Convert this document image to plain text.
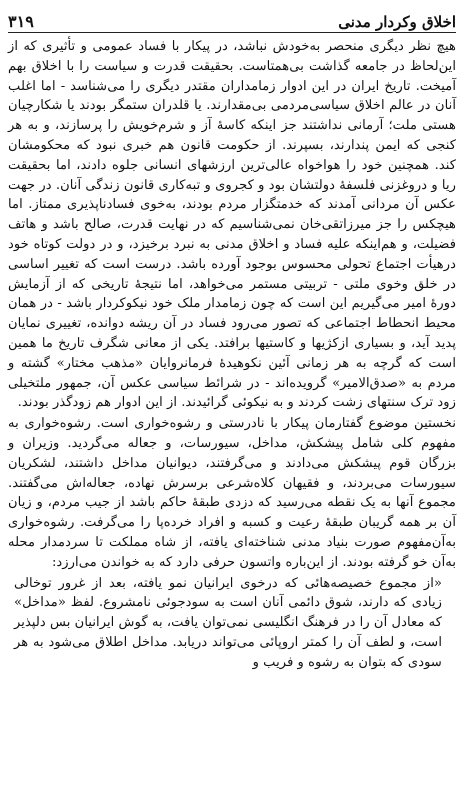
۳۱۹	اخلاق وکردار مدنی

هیچ نظر دیگری منحصر به‌خودش نباشد، در پیکار با فساد عمومی و تأثیری که از این‌لحاظ در جامعه گذاشت بی‌همتاست. بحقیقت قدرت و سیاست را با اخلاق بهم آمیخت. تاریخ ایران در این ادوار زمامداران مقتدر دیگری را می‌شناسد - اما اغلب آنان در عالم اخلاق سیاسی‌مردمی بی‌مقدارند. یا قلدران ستمگر بودند یا شکارچیان هستی ملت؛ آرمانی نداشتند جز اینکه کاسهٔ آز و شرم‌خویش را پرسازند، و به هر کنجی که ایمن پندارند، بسپرند. از حکومت قانون هم خبری نبود که محکومشان کند. همچنین خود را هواخواه عالی‌ترین ارزشهای انسانی جلوه دادند، اما بحقیقت ریا و دروغزنی فلسفهٔ دولتشان بود و کجروی و تبه‌کاری قانون زندگی آنان. در جهت عکس آن مردانی آمدند که خدمتگزار مردم بودند، به‌خوی فسادناپذیری ممتاز. اما هیچکس را جز میرزاتقی‌خان نمی‌شناسیم که در نهایت قدرت، صالح باشد و هاتف فضیلت، و هم‌اینکه علیه فساد و اخلاق مدنی به نبرد برخیزد، و در دولت کوتاه خود درهیأت اجتماع تحولی محسوس بوجود آورده باشد. درست است که تغییر اساسی در خلق وخوی ملتی - تربیتی مستمر می‌خواهد، اما نتیجهٔ تاریخی که از آزمایش دورهٔ امیر می‌گیریم این است که چون زمامدار ملک خود نیکوکردار باشد - در همان محیط انحطاط اجتماعی که تصور می‌رود فساد در آن ریشه دوانده، تغییری نمایان پدید آید، و بسیاری ازکژیها و کاستیها برافتد. یکی از معانی شگرف تاریخ ما همین است که گرچه به هر زمانی آئین نکوهیدهٔ فرمانروایان «مذهب مختار» گشته و مردم به «صدق‌الامیر» گرویده‌اند - در شرائط سیاسی عکس آن، جمهور ملتخیلی زود ترک سنتهای زشت کردند و به نیکوئی گرائیدند. از این ادوار هم زودگذر بودند.

نخستین موضوع گفتارمان پیکار با نادرستی و رشوه‌خواری است. رشوه‌خواری به مفهوم کلی شامل پیشکش، مداخل، سیورسات، و جعاله می‌گردید. وزیران و بزرگان قوم پیشکش می‌دادند و می‌گرفتند، دیوانیان مداخل داشتند، لشکریان سیورسات می‌بردند، و فقیهان کلاه‌شرعی برسرش نهاده، جعاله‌اش می‌گفتند. مجموع آنها به یک نقطه می‌رسید که دزدی طبقهٔ حاکم باشد از جیب مردم، و زیان آن بر همه گریبان طبقهٔ رعیت و کسبه و افراد خرده‌پا را می‌گرفت. رشوه‌خواری به‌آن‌مفهوم صورت بنیاد مدنی شناخته‌ای یافته، از شاه مملکت تا سردمدار محله به‌آن خو گرفته بودند. از این‌باره واتسون حرفی دارد که به خواندن می‌ارزد:

«از مجموع خصیصه‌هائی که درخوی ایرانیان نمو یافته، بعد از غرور توخالی زیادی که دارند، شوق دائمی آنان است به سودجوئی نامشروع. لفظ «مداخل» که معادل آن را در فرهنگ انگلیسی نمی‌توان یافت، به گوش ایرانیان بس دلپذیر است، و لطف آن را کمتر اروپائی می‌تواند دریابد. مداخل اطلاق می‌شود به هر سودی که بتوان به رشوه و فریب و
